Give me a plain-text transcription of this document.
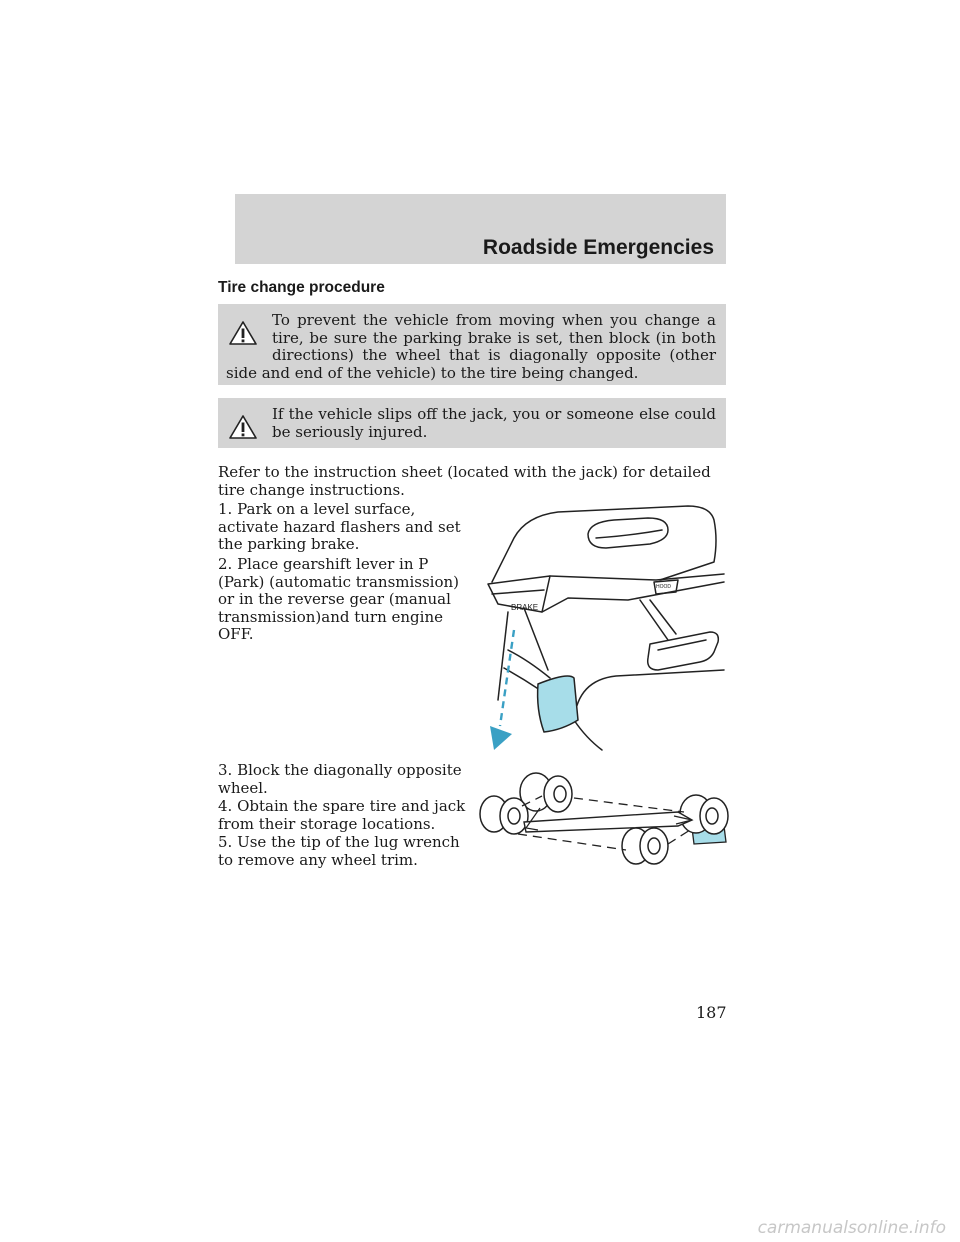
Roadside Emergencies
Tire change procedure
To prevent the vehicle from moving when you change a tire, be sure the parking brake is set, then block (in both directions) the wheel that is diagonally opposite (other side and end of the vehicle) to the tire being changed.
If the vehicle slips off the jack, you or someone else could be seriously injured.
Refer to the instruction sheet (located with the jack) for detailed tire change instructions.
1. Park on a level surface, activate hazard flashers and set the parking brake.
2. Place gearshift lever in P (Park) (automatic transmission) or in the reverse gear (manual transmission)and turn engine OFF.
3. Block the diagonally opposite wheel.
4. Obtain the spare tire and jack from their storage locations.
5. Use the tip of the lug wrench to remove any wheel trim.
BRAKE
HOOD
187
carmanualsonline.info
